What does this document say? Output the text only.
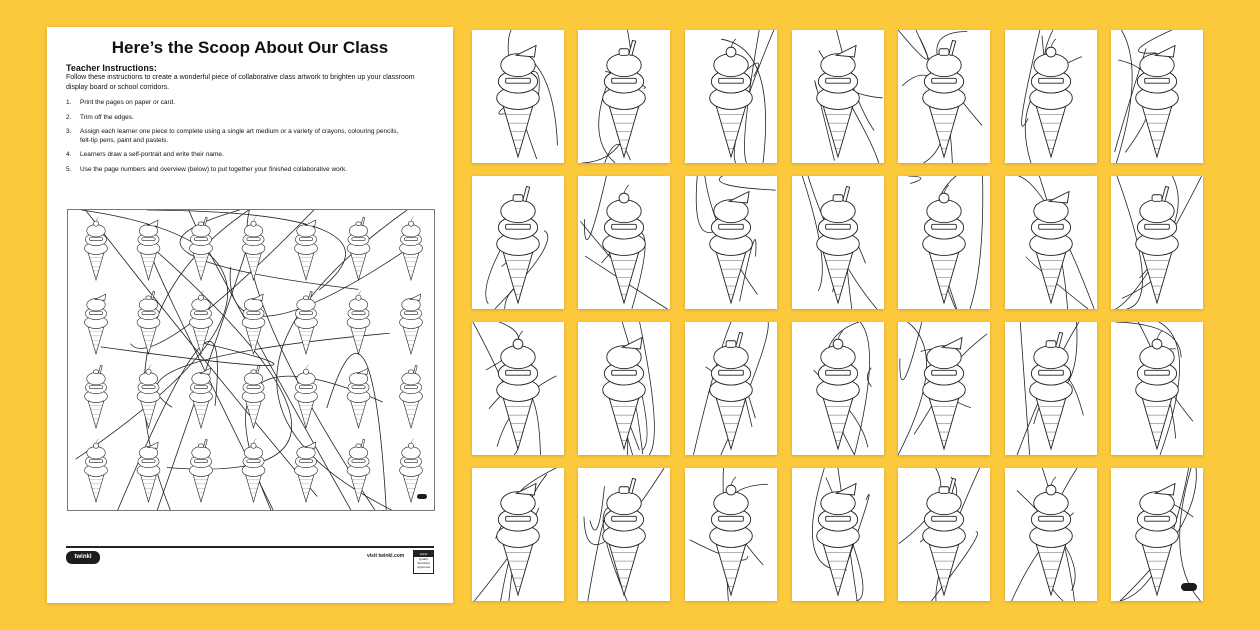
Here’s the Scoop About Our Class
Teacher Instructions:
Follow these instructions to create a wonderful piece of collaborative class artwork to brighten up your classroom display board or school corridors.
1.	Print the pages on paper or card.
2.	Trim off the edges.
3.	Assign each learner one piece to complete using a single art medium or a variety of crayons, colouring pencils, felt-tip pens, paint and pastels.
4.	Learners draw a self-portrait and write their name.
5.	Use the page numbers and overview (below) to put together your finished collaborative work.
twinkl	visit twinkl.com	twinkl
Quality Standard Approved
